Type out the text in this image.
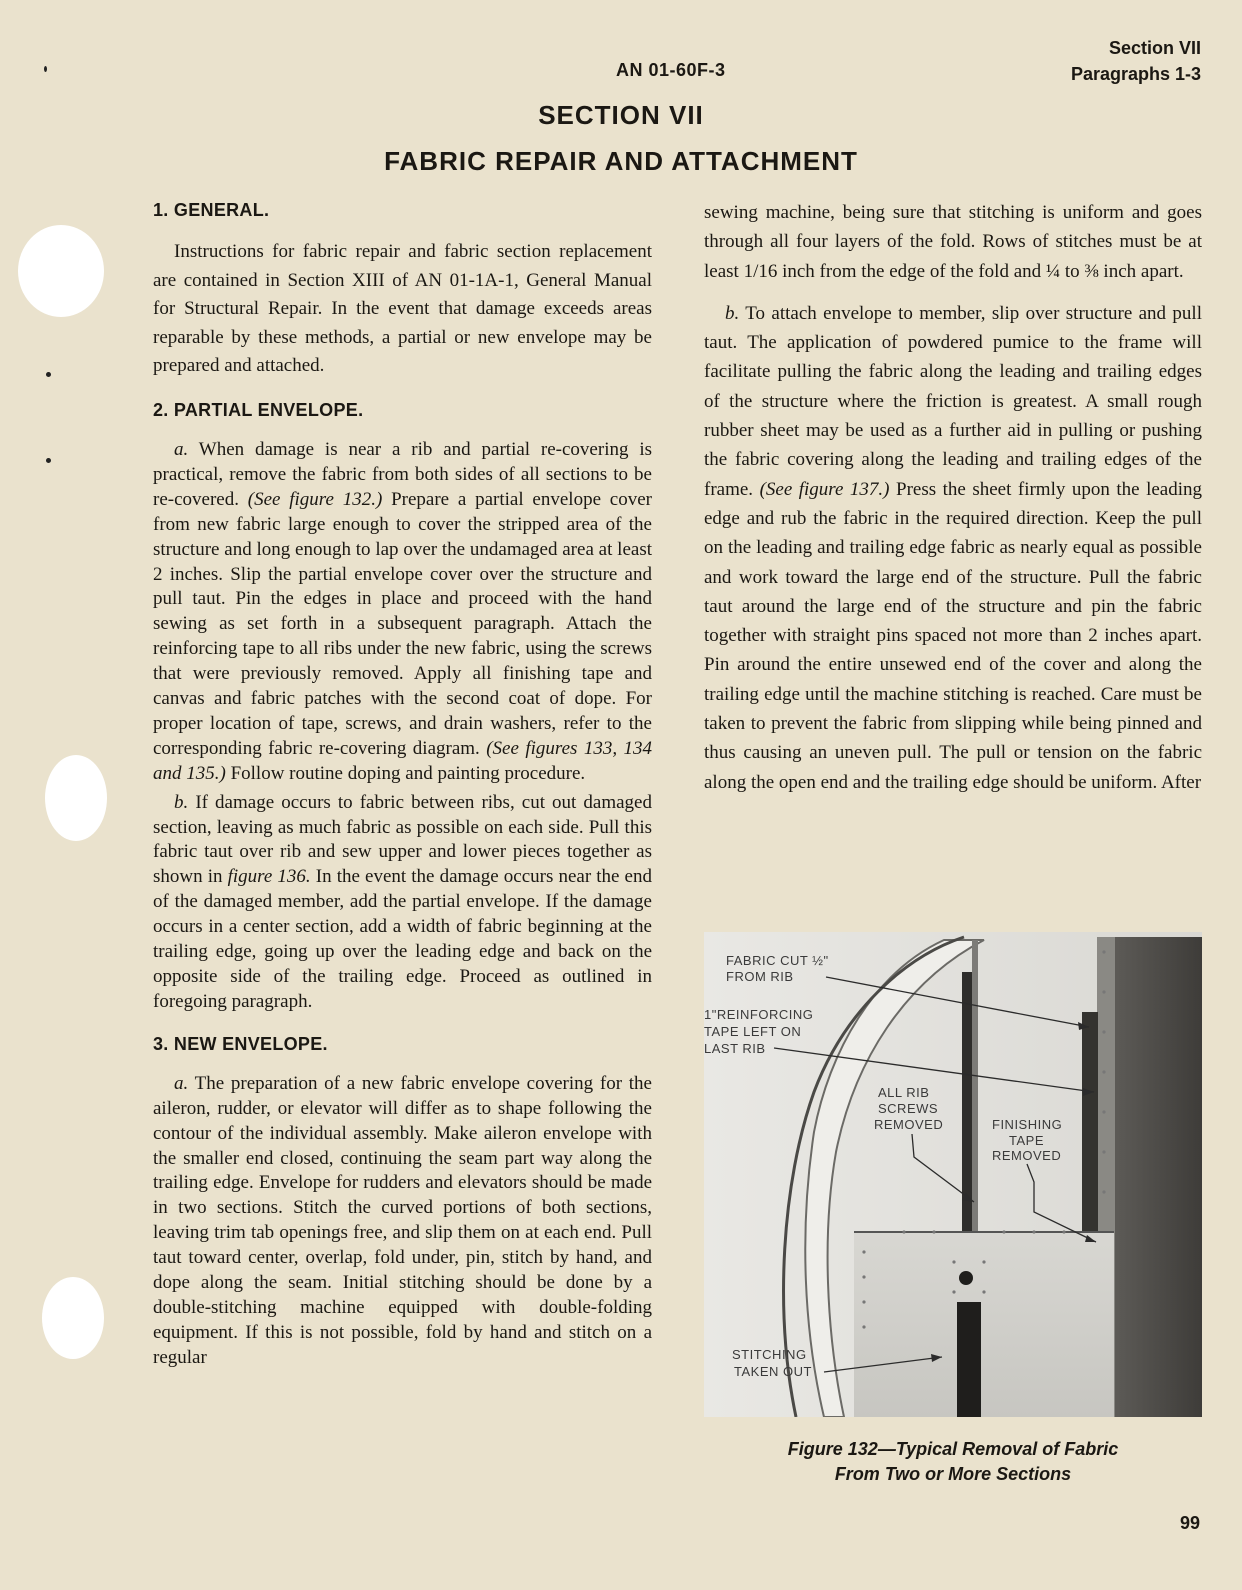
AN 01-60F-3
Section VII
Paragraphs 1-3
SECTION VII
FABRIC REPAIR AND ATTACHMENT
1. GENERAL.

Instructions for fabric repair and fabric section replacement are contained in Section XIII of AN 01-1A-1, General Manual for Structural Repair. In the event that damage exceeds areas reparable by these methods, a partial or new envelope may be prepared and attached.

2. PARTIAL ENVELOPE.

a. When damage is near a rib and partial re-covering is practical, remove the fabric from both sides of all sections to be re-covered. (See figure 132.) Prepare a partial envelope cover from new fabric large enough to cover the stripped area of the structure and long enough to lap over the undamaged area at least 2 inches. Slip the partial envelope cover over the structure and pull taut. Pin the edges in place and proceed with the hand sewing as set forth in a subsequent paragraph. Attach the reinforcing tape to all ribs under the new fabric, using the screws that were previously removed. Apply all finishing tape and canvas and fabric patches with the second coat of dope. For proper location of tape, screws, and drain washers, refer to the corresponding fabric re-covering diagram. (See figures 133, 134 and 135.) Follow routine doping and painting procedure.

b. If damage occurs to fabric between ribs, cut out damaged section, leaving as much fabric as possible on each side. Pull this fabric taut over rib and sew upper and lower pieces together as shown in figure 136. In the event the damage occurs near the end of the damaged member, add the partial envelope. If the damage occurs in a center section, add a width of fabric beginning at the trailing edge, going up over the leading edge and back on the opposite side of the trailing edge. Proceed as outlined in foregoing paragraph.

3. NEW ENVELOPE.

a. The preparation of a new fabric envelope covering for the aileron, rudder, or elevator will differ as to shape following the contour of the individual assembly. Make aileron envelope with the smaller end closed, continuing the seam part way along the trailing edge. Envelope for rudders and elevators should be made in two sections. Stitch the curved portions of both sections, leaving trim tab openings free, and slip them on at each end. Pull taut toward center, overlap, fold under, pin, stitch by hand, and dope along the seam. Initial stitching should be done by a double-stitching machine equipped with double-folding equipment. If this is not possible, fold by hand and stitch on a regular

sewing machine, being sure that stitching is uniform and goes through all four layers of the fold. Rows of stitches must be at least 1/16 inch from the edge of the fold and ¼ to ⅜ inch apart.

b. To attach envelope to member, slip over structure and pull taut. The application of powdered pumice to the frame will facilitate pulling the fabric along the leading and trailing edges of the structure where the friction is greatest. A small rough rubber sheet may be used as a further aid in pulling or pushing the fabric covering along the leading and trailing edges of the frame. (See figure 137.) Press the sheet firmly upon the leading edge and rub the fabric in the required direction. Keep the pull on the leading and trailing edge fabric as nearly equal as possible and work toward the large end of the structure. Pull the fabric taut around the large end of the structure and pin the fabric together with straight pins spaced not more than 2 inches apart. Pin around the entire unsewed end of the cover and along the trailing edge until the machine stitching is reached. Care must be taken to prevent the fabric from slipping while being pinned and thus causing an uneven pull. The pull or tension on the fabric along the open end and the trailing edge should be uniform. After

FABRIC CUT ½"
FROM RIB
1"REINFORCING
TAPE LEFT ON
LAST RIB
ALL RIB
SCREWS
REMOVED	FINISHING
TAPE
REMOVED
STITCHING
TAKEN OUT
Figure 132—Typical Removal of Fabric
From Two or More Sections
99
